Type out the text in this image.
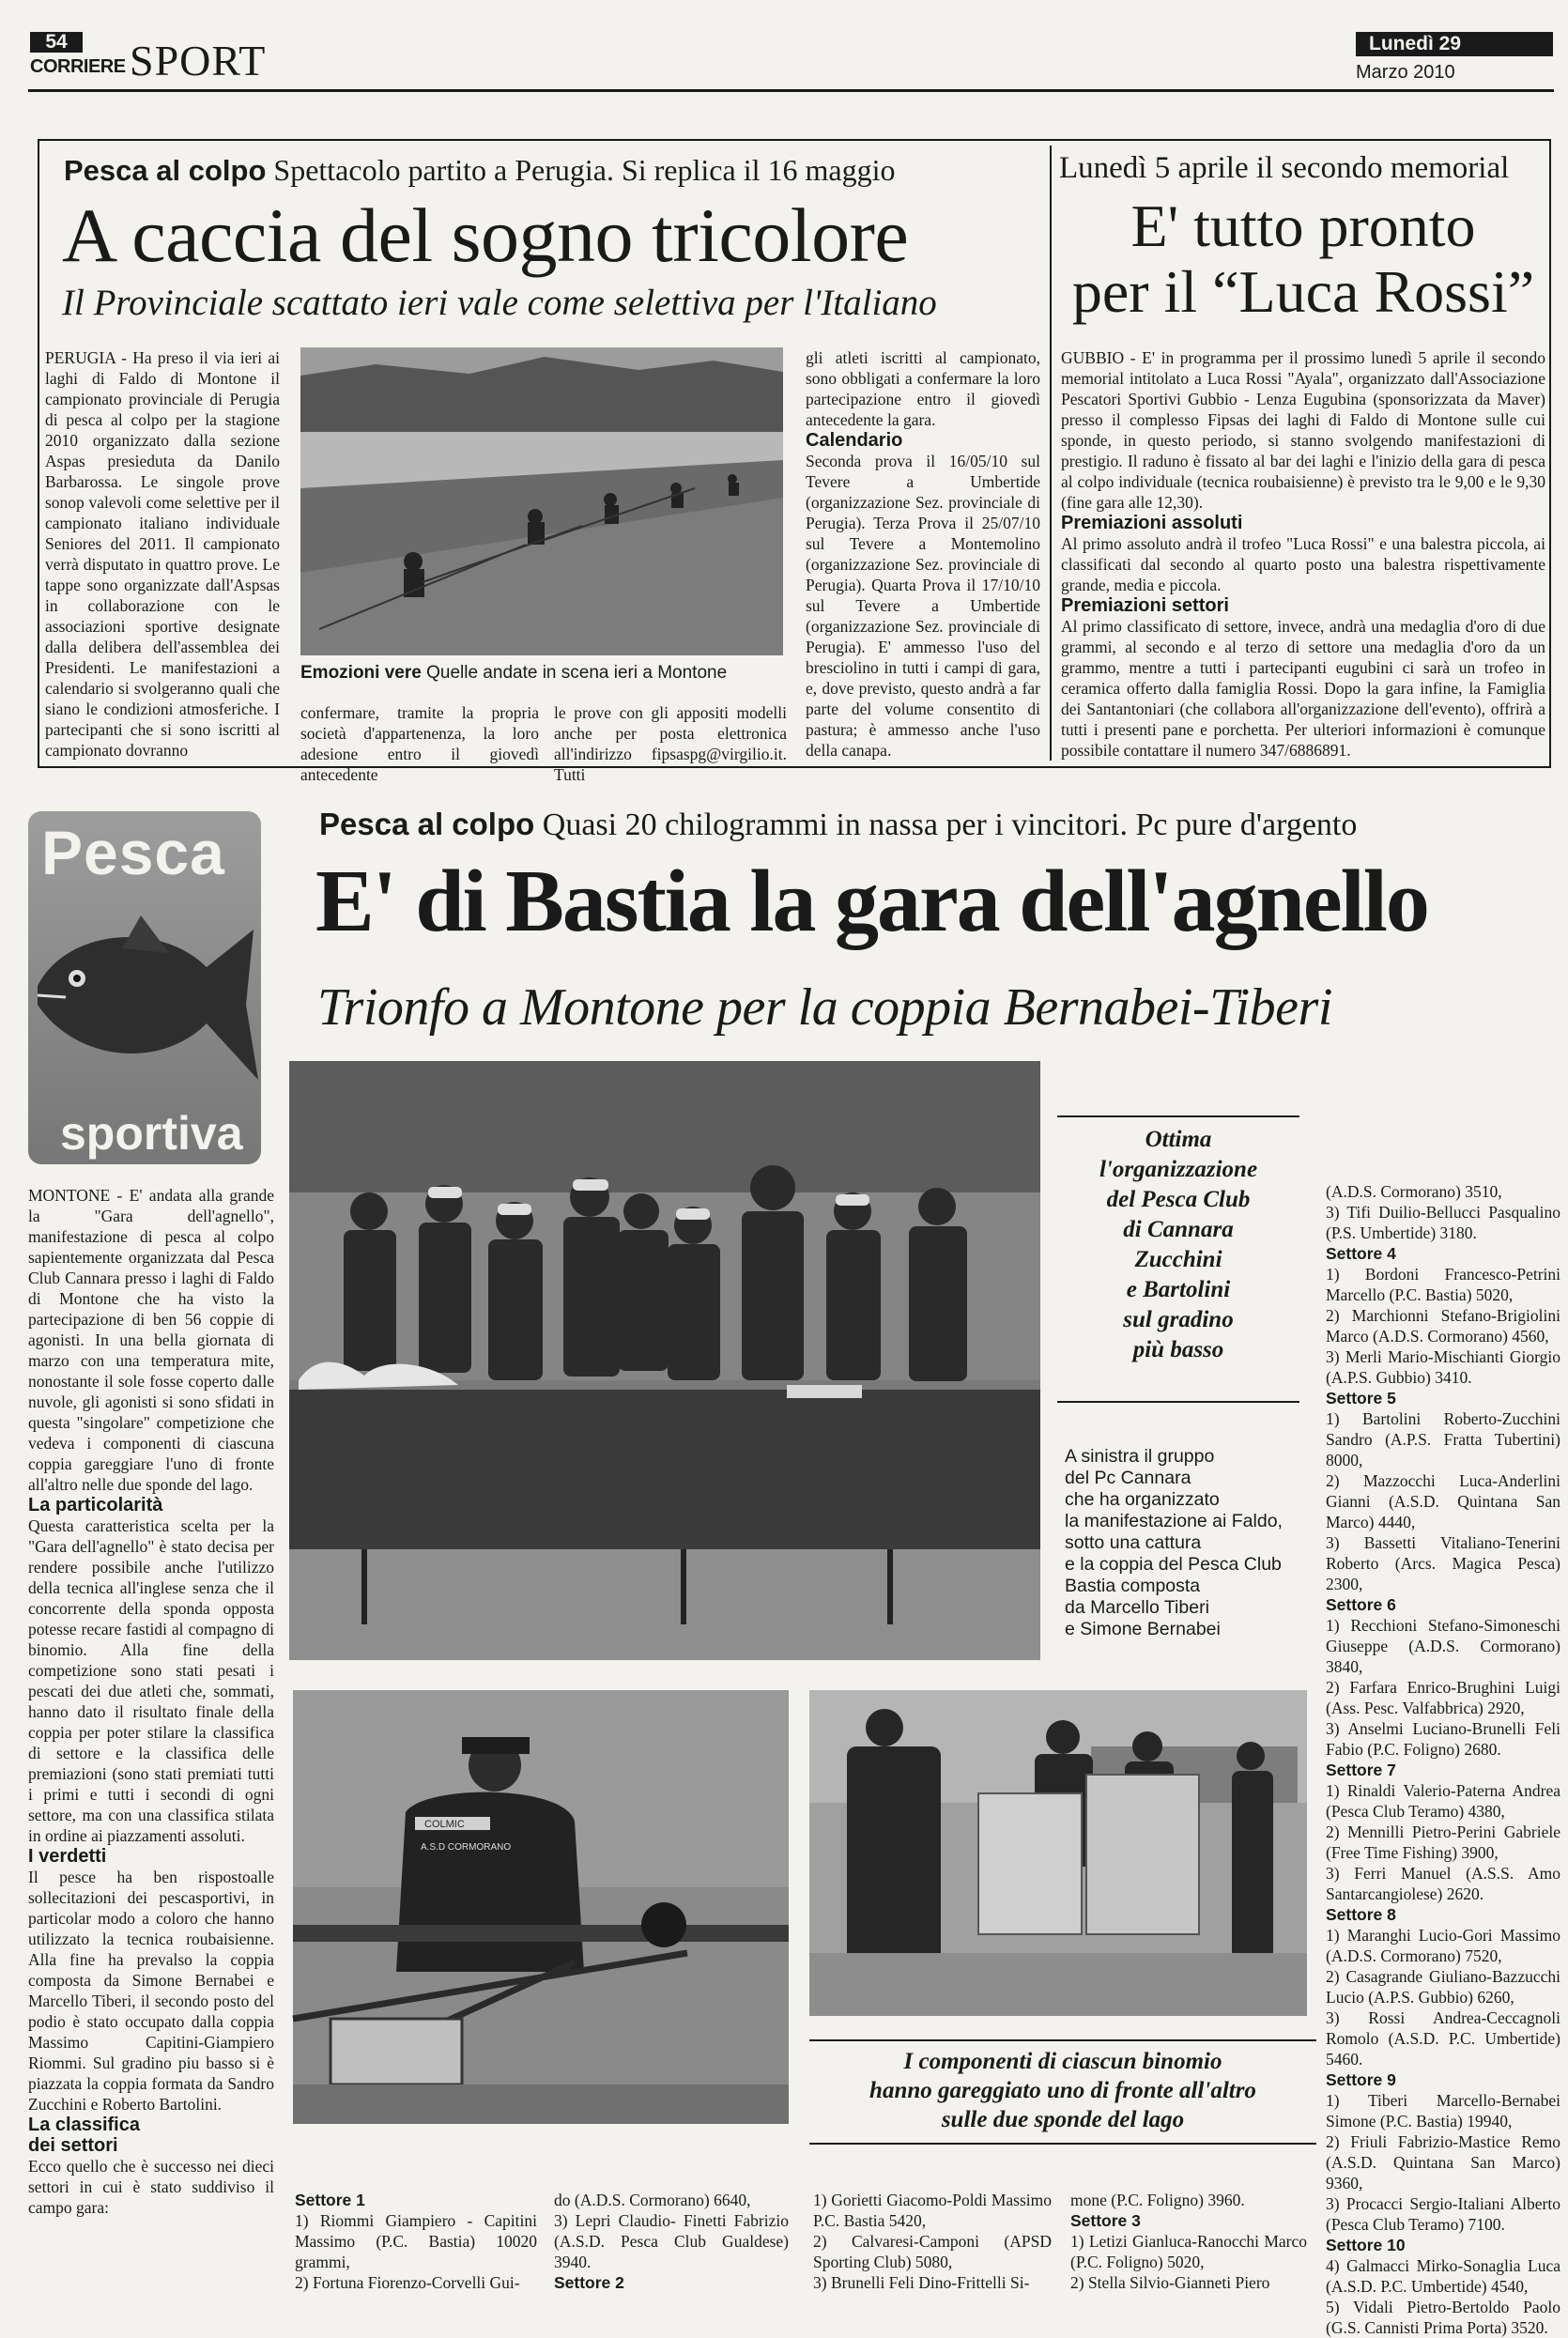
54
CORRIERE SPORT	Lunedì 29
Marzo 2010
Pesca al colpo Spettacolo partito a Perugia. Si replica il 16 maggio
A caccia del sogno tricolore
Il Provinciale scattato ieri vale come selettiva per l'Italiano
PERUGIA - Ha preso il via ieri ai laghi di Faldo di Montone il campionato provinciale di Perugia di pesca al colpo per la stagione 2010 organizzato dalla sezione Aspas presieduta da Danilo Barbarossa. Le singole prove sonop valevoli come selettive per il campionato italiano individuale Seniores del 2011. Il campionato verrà disputato in quattro prove. Le tappe sono organizzate dall'Aspsas in collaborazione con le associazioni sportive designate dalla delibera dell'assemblea dei Presidenti. Le manifestazioni a calendario si svolgeranno quali che siano le condizioni atmosferiche. I partecipanti che si sono iscritti al campionato dovranno
Emozioni vere Quelle andate in scena ieri a Montone
confermare, tramite la propria società d'appartenenza, la loro adesione entro il giovedì antecedente
le prove con gli appositi modelli anche per posta elettronica all'indirizzo fipsaspg@virgilio.it. Tutti

gli atleti iscritti al campionato, sono obbligati a confermare la loro partecipazione entro il giovedì antecedente la gara.

Calendario

Seconda prova il 16/05/10 sul Tevere a Umbertide (organizzazione Sez. provinciale di Perugia). Terza Prova il 25/07/10 sul Tevere a Montemolino (organizzazione Sez. provinciale di Perugia). Quarta Prova il 17/10/10 sul Tevere a Umbertide (organizzazione Sez. provinciale di Perugia). E' ammesso l'uso del bresciolino in tutti i campi di gara, e, dove previsto, questo andrà a far parte del volume consentito di pastura; è ammesso anche l'uso della canapa.

Lunedì 5 aprile il secondo memorial
E' tutto pronto
per il “Luca Rossi”

GUBBIO - E' in programma per il prossimo lunedì 5 aprile il secondo memorial intitolato a Luca Rossi "Ayala", organizzato dall'Associazione Pescatori Sportivi Gubbio - Lenza Eugubina (sponsorizzata da Maver) presso il complesso Fipsas dei laghi di Faldo di Montone sulle cui sponde, in questo periodo, si stanno svolgendo manifestazioni di prestigio. Il raduno è fissato al bar dei laghi e l'inizio della gara di pesca al colpo individuale (tecnica roubaisienne) è previsto tra le 9,00 e le 9,30 (fine gara alle 12,30).

Premiazioni assoluti

Al primo assoluto andrà il trofeo "Luca Rossi" e una balestra piccola, ai classificati dal secondo al quarto posto una balestra rispettivamente grande, media e piccola.

Premiazioni settori

Al primo classificato di settore, invece, andrà una medaglia d'oro di due grammi, al secondo e al terzo di settore una medaglia d'oro da un grammo, mentre a tutti i partecipanti eugubini ci sarà un trofeo in ceramica offerto dalla famiglia Rossi. Dopo la gara infine, la Famiglia dei Santantoniari (che collabora all'organizzazione dell'evento), offrirà a tutti i presenti pane e porchetta. Per ulteriori informazioni è comunque possibile contattare il numero 347/6886891.

Pesca
sportiva
Pesca al colpo Quasi 20 chilogrammi in nassa per i vincitori. Pc pure d'argento
E' di Bastia la gara dell'agnello
Trionfo a Montone per la coppia Bernabei-Tiberi

MONTONE - E' andata alla grande la "Gara dell'agnello", manifestazione di pesca al colpo sapientemente organizzata dal Pesca Club Cannara presso i laghi di Faldo di Montone che ha visto la partecipazione di ben 56 coppie di agonisti. In una bella giornata di marzo con una temperatura mite, nonostante il sole fosse coperto dalle nuvole, gli agonisti si sono sfidati in questa "singolare" competizione che vedeva i componenti di ciascuna coppia gareggiare l'uno di fronte all'altro nelle due sponde del lago.

La particolarità

Questa caratteristica scelta per la "Gara dell'agnello" è stato decisa per rendere possibile anche l'utilizzo della tecnica all'inglese senza che il concorrente della sponda opposta potesse recare fastidi al compagno di binomio. Alla fine della competizione sono stati pesati i pescati dei due atleti che, sommati, hanno dato il risultato finale della coppia per poter stilare la classifica di settore e la classifica delle premiazioni (sono stati premiati tutti i primi e tutti i secondi di ogni settore, ma con una classifica stilata in ordine ai piazzamenti assoluti.

I verdetti

Il pesce ha ben rispostoalle sollecitazioni dei pescasportivi, in particolar modo a coloro che hanno utilizzato la tecnica roubaisienne. Alla fine ha prevalso la coppia composta da Simone Bernabei e Marcello Tiberi, il secondo posto del podio è stato occupato dalla coppia Massimo Capitini-Giampiero Riommi. Sul gradino piu basso si è piazzata la coppia formata da Sandro Zucchini e Roberto Bartolini.

La classifica

dei settori

Ecco quello che è successo nei dieci settori in cui è stato suddiviso il campo gara:

Ottima
l'organizzazione
del Pesca Club
di Cannara
Zucchini
e Bartolini
sul gradino
più basso
A sinistra il gruppo
del Pc Cannara
che ha organizzato
la manifestazione ai Faldo,
sotto una cattura
e la coppia del Pesca Club
Bastia composta
da Marcello Tiberi
e Simone Bernabei
COLMIC
A.S.D CORMORANO
I componenti di ciascun binomio
hanno gareggiato uno di fronte all'altro
sulle due sponde del lago

Settore 1

1) Riommi Giampiero - Capitini Massimo (P.C. Bastia) 10020 grammi,

2) Fortuna Fiorenzo-Corvelli Gui-

do (A.D.S. Cormorano) 6640,

3) Lepri Claudio- Finetti Fabrizio (A.S.D. Pesca Club Gualdese) 3940.

Settore 2

1) Gorietti Giacomo-Poldi Massimo P.C. Bastia 5420,

2) Calvaresi-Camponi (APSD Sporting Club) 5080,

3) Brunelli Feli Dino-Frittelli Si-

mone (P.C. Foligno) 3960.

Settore 3

1) Letizi Gianluca-Ranocchi Marco (P.C. Foligno) 5020,

2) Stella Silvio-Gianneti Piero

(A.D.S. Cormorano) 3510,

3) Tifi Duilio-Bellucci Pasqualino (P.S. Umbertide) 3180.

Settore 4

1) Bordoni Francesco-Petrini Marcello (P.C. Bastia) 5020,

2) Marchionni Stefano-Brigiolini Marco (A.D.S. Cormorano) 4560,

3) Merli Mario-Mischianti Giorgio (A.P.S. Gubbio) 3410.

Settore 5

1) Bartolini Roberto-Zucchini Sandro (A.P.S. Fratta Tubertini) 8000,

2) Mazzocchi Luca-Anderlini Gianni (A.S.D. Quintana San Marco) 4440,

3) Bassetti Vitaliano-Tenerini Roberto (Arcs. Magica Pesca) 2300,

Settore 6

1) Recchioni Stefano-Simoneschi Giuseppe (A.D.S. Cormorano) 3840,

2) Farfara Enrico-Brughini Luigi (Ass. Pesc. Valfabbrica) 2920,

3) Anselmi Luciano-Brunelli Feli Fabio (P.C. Foligno) 2680.

Settore 7

1) Rinaldi Valerio-Paterna Andrea (Pesca Club Teramo) 4380,

2) Mennilli Pietro-Perini Gabriele (Free Time Fishing) 3900,

3) Ferri Manuel (A.S.S. Amo Santarcangiolese) 2620.

Settore 8

1) Maranghi Lucio-Gori Massimo (A.D.S. Cormorano) 7520,

2) Casagrande Giuliano-Bazzucchi Lucio (A.P.S. Gubbio) 6260,

3) Rossi Andrea-Ceccagnoli Romolo (A.S.D. P.C. Umbertide) 5460.

Settore 9

1) Tiberi Marcello-Bernabei Simone (P.C. Bastia) 19940,

2) Friuli Fabrizio-Mastice Remo (A.S.D. Quintana San Marco) 9360,

3) Procacci Sergio-Italiani Alberto (Pesca Club Teramo) 7100.

Settore 10

4) Galmacci Mirko-Sonaglia Luca (A.S.D. P.C. Umbertide) 4540,

5) Vidali Pietro-Bertoldo Paolo (G.S. Cannisti Prima Porta) 3520.
